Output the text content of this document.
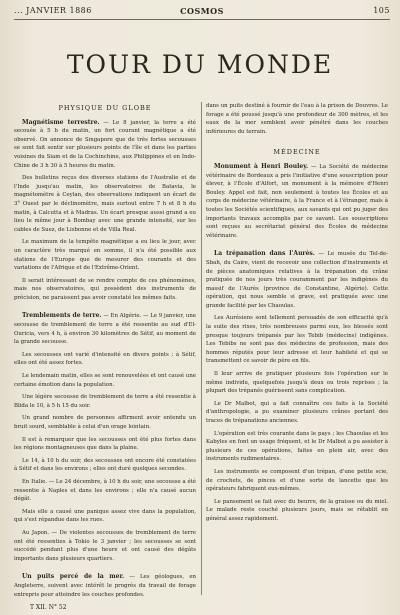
... JANVIER 1886	COSMOS	105
TOUR DU MONDE
PHYSIQUE DU GLOBE

Magnétisme terrestre. — Le 8 janvier, la terre a été secouée à 5 h du matin, un fort courant magnétique a été observé. On annonce de Singapore que de très fortes secousses se sont fait sentir sur plusieurs points de l'île et dans les parties voisines du Siam et de la Cochinchine, aux Philippines et en Indo-Chine de 3 h 30 à 5 heures du matin.

Des bulletins reçus des diverses stations de l'Australie et de l'Inde jusqu'au matin, les observatoires de Batavia, le magnétomètre à Ceylan, des observations indiquent un écart de 3° Ouest par le déclinomètre, mais surtout entre 7 h et 8 h du matin, à Calcutta et à Madras. Un écart presque aussi grand a eu lieu le même jour à Bombay avec une grande intensité, sur les cables de Suez, de Lisbonne et de Villa Real.

Le maximum de la tempête magnétique a eu lieu le jour, avec un caractère très marqué en somme, il n'a été possible aux stations de l'Europe que de mesurer des courants et des variations de l'Afrique et de l'Extrême-Orient.

Il serait intéressant de se rendre compte de ces phénomènes, mais nos observatoires, qui possèdent des instruments de précision, ne paraissent pas avoir constaté les mêmes faits.

Tremblements de terre. — En Algérie. — Le 9 janvier, une secousse de tremblement de terre a été ressentie au sud d'El-Ouricia, vers 4 h, à environ 30 kilomètres de Sétif, au moment de la grande secousse.

Les secousses ont varié d'intensité en divers points ; à Sétif, elles ont été assez fortes.

Le lendemain matin, elles se sont renouvelées et ont causé une certaine émotion dans la population.

Une légère secousse de tremblement de terre a été ressentie à Blida le 10, à 5 h 15 du soir.

Un grand nombre de personnes affirment avoir entendu un bruit sourd, semblable à celui d'un orage lointain.

Il est à remarquer que les secousses ont été plus fortes dans les régions montagneuses que dans la plaine.

Le 14, à 10 h du soir, des secousses ont encore été constatées à Sétif et dans les environs ; elles ont duré quelques secondes.

En Italie. — Le 24 décembre, à 10 h du soir, une secousse a été ressentie à Naples et dans les environs ; elle n'a causé aucun dégât.

Mais elle a causé une panique assez vive dans la population, qui s'est répandue dans les rues.

Au Japon. — De violentes secousses de tremblement de terre ont été ressenties à Tokio le 3 janvier ; les secousses se sont succédé pendant plus d'une heure et ont causé des dégâts importants dans plusieurs quartiers.

Un puits percé de la mer. — Les géologues, en Angleterre, suivent avec intérêt le progrès du travail de forage entrepris pour atteindre les couches profondes.

dans un puits destiné à fournir de l'eau à la prison de Douvres. Le forage a été poussé jusqu'à une profondeur de 300 mètres, et les eaux de la mer semblent avoir pénétré dans les couches inférieures du terrain.

MÉDECINE

Monument à Henri Bouley. — La Société de médecine vétérinaire de Bordeaux a pris l'initiative d'une souscription pour élever, à l'École d'Alfort, un monument à la mémoire d'Henri Bouley. Appel est fait, non seulement à toutes les Écoles et au corps de médecine vétérinaire, à la France et à l'étranger, mais à toutes les Sociétés scientifiques, aux savants qui ont pu juger des importants travaux accomplis par ce savant. Les souscriptions sont reçues au secrétariat général des Écoles de médecine vétérinaire.

La trépanation dans l'Aurès. — Le musée du Tel-de-Sbah, du Caire, vient de recevoir une collection d'instruments et de pièces anatomiques relatives à la trépanation du crâne pratiquée de nos jours très couramment par les indigènes du massif de l'Aurès (province de Constantine, Algérie). Cette opération, qui nous semble si grave, est pratiquée avec une grande facilité par les Chaouïas.

Les Aurésiens sont tellement persuadés de son efficacité qu'à la suite des rixes, très nombreuses parmi eux, les blessés sont presque toujours trépanés par les Tebib (médecins) indigènes. Les Tebibs ne sont pas des médecins de profession, mais des hommes réputés pour leur adresse et leur habileté et qui se transmettent ce savoir de père en fils.

Il leur arrive de pratiquer plusieurs fois l'opération sur le même individu, quelquefois jusqu'à deux ou trois reprises ; la plupart des trépanés guérissent sans complication.

Le Dr Malbot, qui a fait connaître ces faits à la Société d'anthropologie, a pu examiner plusieurs crânes portant des traces de trépanations anciennes.

L'opération est très courante dans le pays ; les Chaouïas et les Kabyles en font un usage fréquent, et le Dr Malbot a pu assister à plusieurs de ces opérations, faites en plein air, avec des instruments rudimentaires.

Les instruments se composent d'un trépan, d'une petite scie, de crochets, de pinces et d'une sorte de lancette que les opérateurs fabriquent eux-mêmes.

Le pansement se fait avec du beurre, de la graisse ou du miel. Le malade reste couché plusieurs jours, mais se rétablit en général assez rapidement.

T XII. N° 52
